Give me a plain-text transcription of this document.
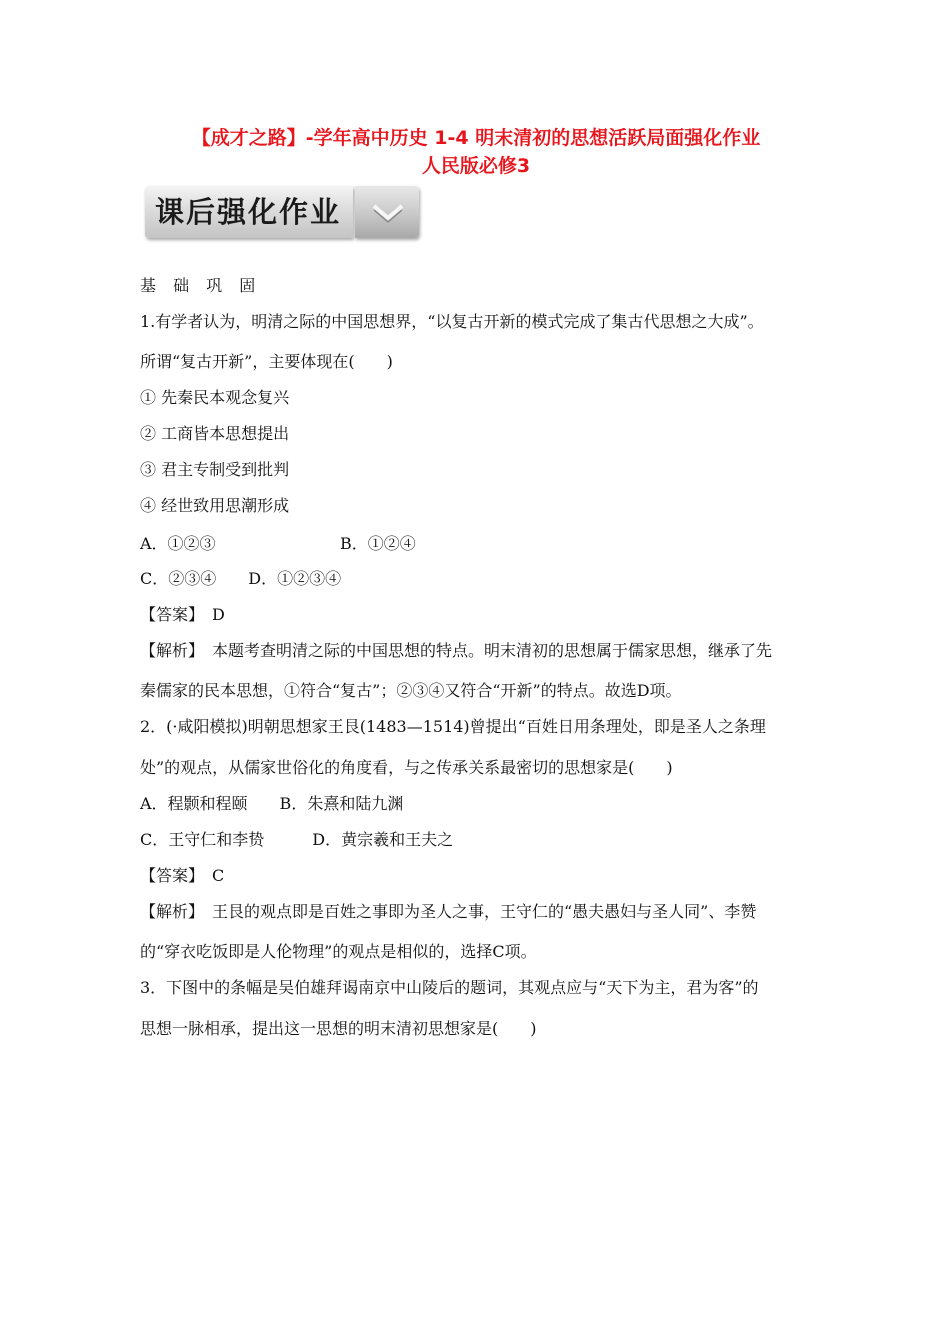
【成才之路】-学年高中历史 1-4 明末清初的思想活跃局面强化作业
人民版必修3
课后强化作业
基 础 巩 固
1.有学者认为，明清之际的中国思想界，“以复古开新的模式完成了集古代思想之大成”。
所谓“复古开新”，主要体现在(　　)
① 先秦民本观念复兴
② 工商皆本思想提出
③ 君主专制受到批判
④ 经世致用思潮形成
A．①②③	B．①②④
C．②③④　　D．①②③④
【答案】　D
【解析】　本题考查明清之际的中国思想的特点。明末清初的思想属于儒家思想，继承了先
秦儒家的民本思想，①符合“复古”；②③④又符合“开新”的特点。故选D项。
2．(·咸阳模拟)明朝思想家王艮(1483—1514)曾提出“百姓日用条理处，即是圣人之条理
处”的观点，从儒家世俗化的角度看，与之传承关系最密切的思想家是(　　)
A．程颢和程颐　　B．朱熹和陆九渊
C．王守仁和李贽　　　D．黄宗羲和王夫之
【答案】　C
【解析】　王艮的观点即是百姓之事即为圣人之事，王守仁的“愚夫愚妇与圣人同”、李赞
的“穿衣吃饭即是人伦物理”的观点是相似的，选择C项。
3．下图中的条幅是吴伯雄拜谒南京中山陵后的题词，其观点应与“天下为主，君为客”的
思想一脉相承，提出这一思想的明末清初思想家是(　　)
